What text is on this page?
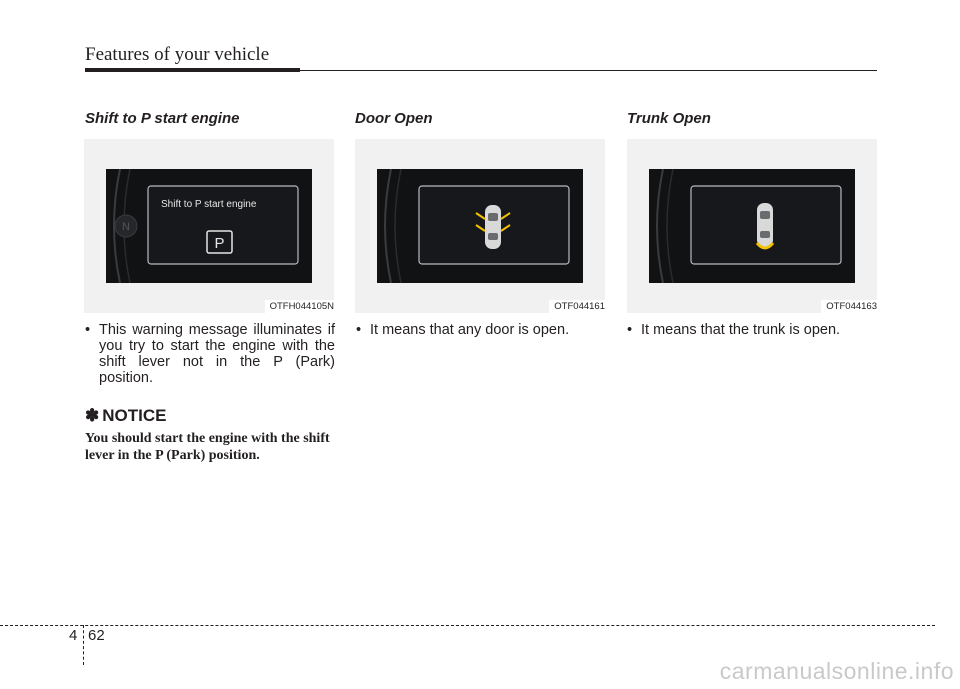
Features of your vehicle
Shift to P start engine
N
Shift to P start engine
P
OTFH044105N
• This warning message illuminates if you try to start the engine with the shift lever not in the P (Park) position.
✽ NOTICE
You should start the engine with the shift lever in the P (Park) position.
Door Open
OTF044161
• It means that any door is open.
Trunk Open
OTF044163
• It means that the trunk is open.
4 62
carmanualsonline.info
